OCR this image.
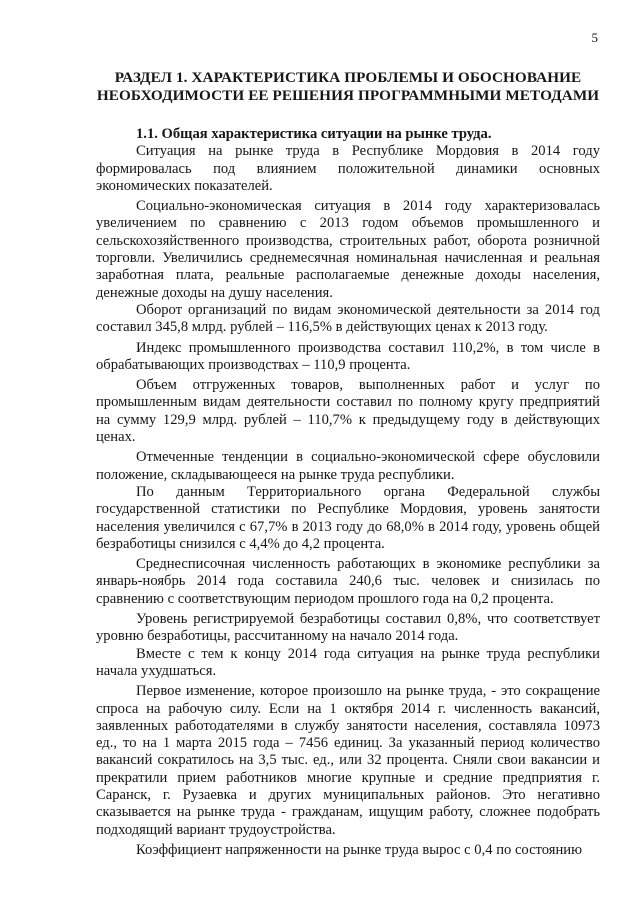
5
РАЗДЕЛ 1. ХАРАКТЕРИСТИКА ПРОБЛЕМЫ И ОБОСНОВАНИЕ
НЕОБХОДИМОСТИ ЕЕ РЕШЕНИЯ ПРОГРАММНЫМИ МЕТОДАМИ

1.1. Общая характеристика ситуации на рынке труда.

Ситуация на рынке труда в Республике Мордовия в 2014 году формировалась под влиянием положительной динамики основных экономических показателей.

Социально-экономическая ситуация в 2014 году характеризовалась увеличением по сравнению с 2013 годом объемов промышленного и сельскохозяйственного производства, строительных работ, оборота розничной торговли. Увеличились среднемесячная номинальная начисленная и реальная заработная плата, реальные располагаемые денежные доходы населения, денежные доходы на душу населения.

Оборот организаций по видам экономической деятельности за 2014 год составил 345,8 млрд. рублей – 116,5% в действующих ценах к 2013 году.

Индекс промышленного производства составил 110,2%, в том числе в обрабатывающих производствах – 110,9 процента.

Объем отгруженных товаров, выполненных работ и услуг по промышленным видам деятельности составил по полному кругу предприятий на сумму 129,9 млрд. рублей – 110,7% к предыдущему году в действующих ценах.

Отмеченные тенденции в социально-экономической сфере обусловили положение, складывающееся на рынке труда республики.

По данным Территориального органа Федеральной службы государственной статистики по Республике Мордовия, уровень занятости населения увеличился с 67,7% в 2013 году до 68,0% в 2014 году, уровень общей безработицы снизился с 4,4% до 4,2 процента.

Среднесписочная численность работающих в экономике республики за январь-ноябрь 2014 года составила 240,6 тыс. человек и снизилась по сравнению с соответствующим периодом прошлого года на 0,2 процента.

Уровень регистрируемой безработицы составил 0,8%, что соответствует уровню безработицы, рассчитанному на начало 2014 года.

Вместе с тем к концу 2014 года ситуация на рынке труда республики начала ухудшаться.

Первое изменение, которое произошло на рынке труда, - это сокращение спроса на рабочую силу. Если на 1 октября 2014 г. численность вакансий, заявленных работодателями в службу занятости населения, составляла 10973 ед., то на 1 марта 2015 года – 7456 единиц. За указанный период количество вакансий сократилось на 3,5 тыс. ед., или 32 процента. Сняли свои вакансии и прекратили прием работников многие крупные и средние предприятия г. Саранск, г. Рузаевка и других муниципальных районов. Это негативно сказывается на рынке труда - гражданам, ищущим работу, сложнее подобрать подходящий вариант трудоустройства.

Коэффициент напряженности на рынке труда вырос с 0,4 по состоянию
